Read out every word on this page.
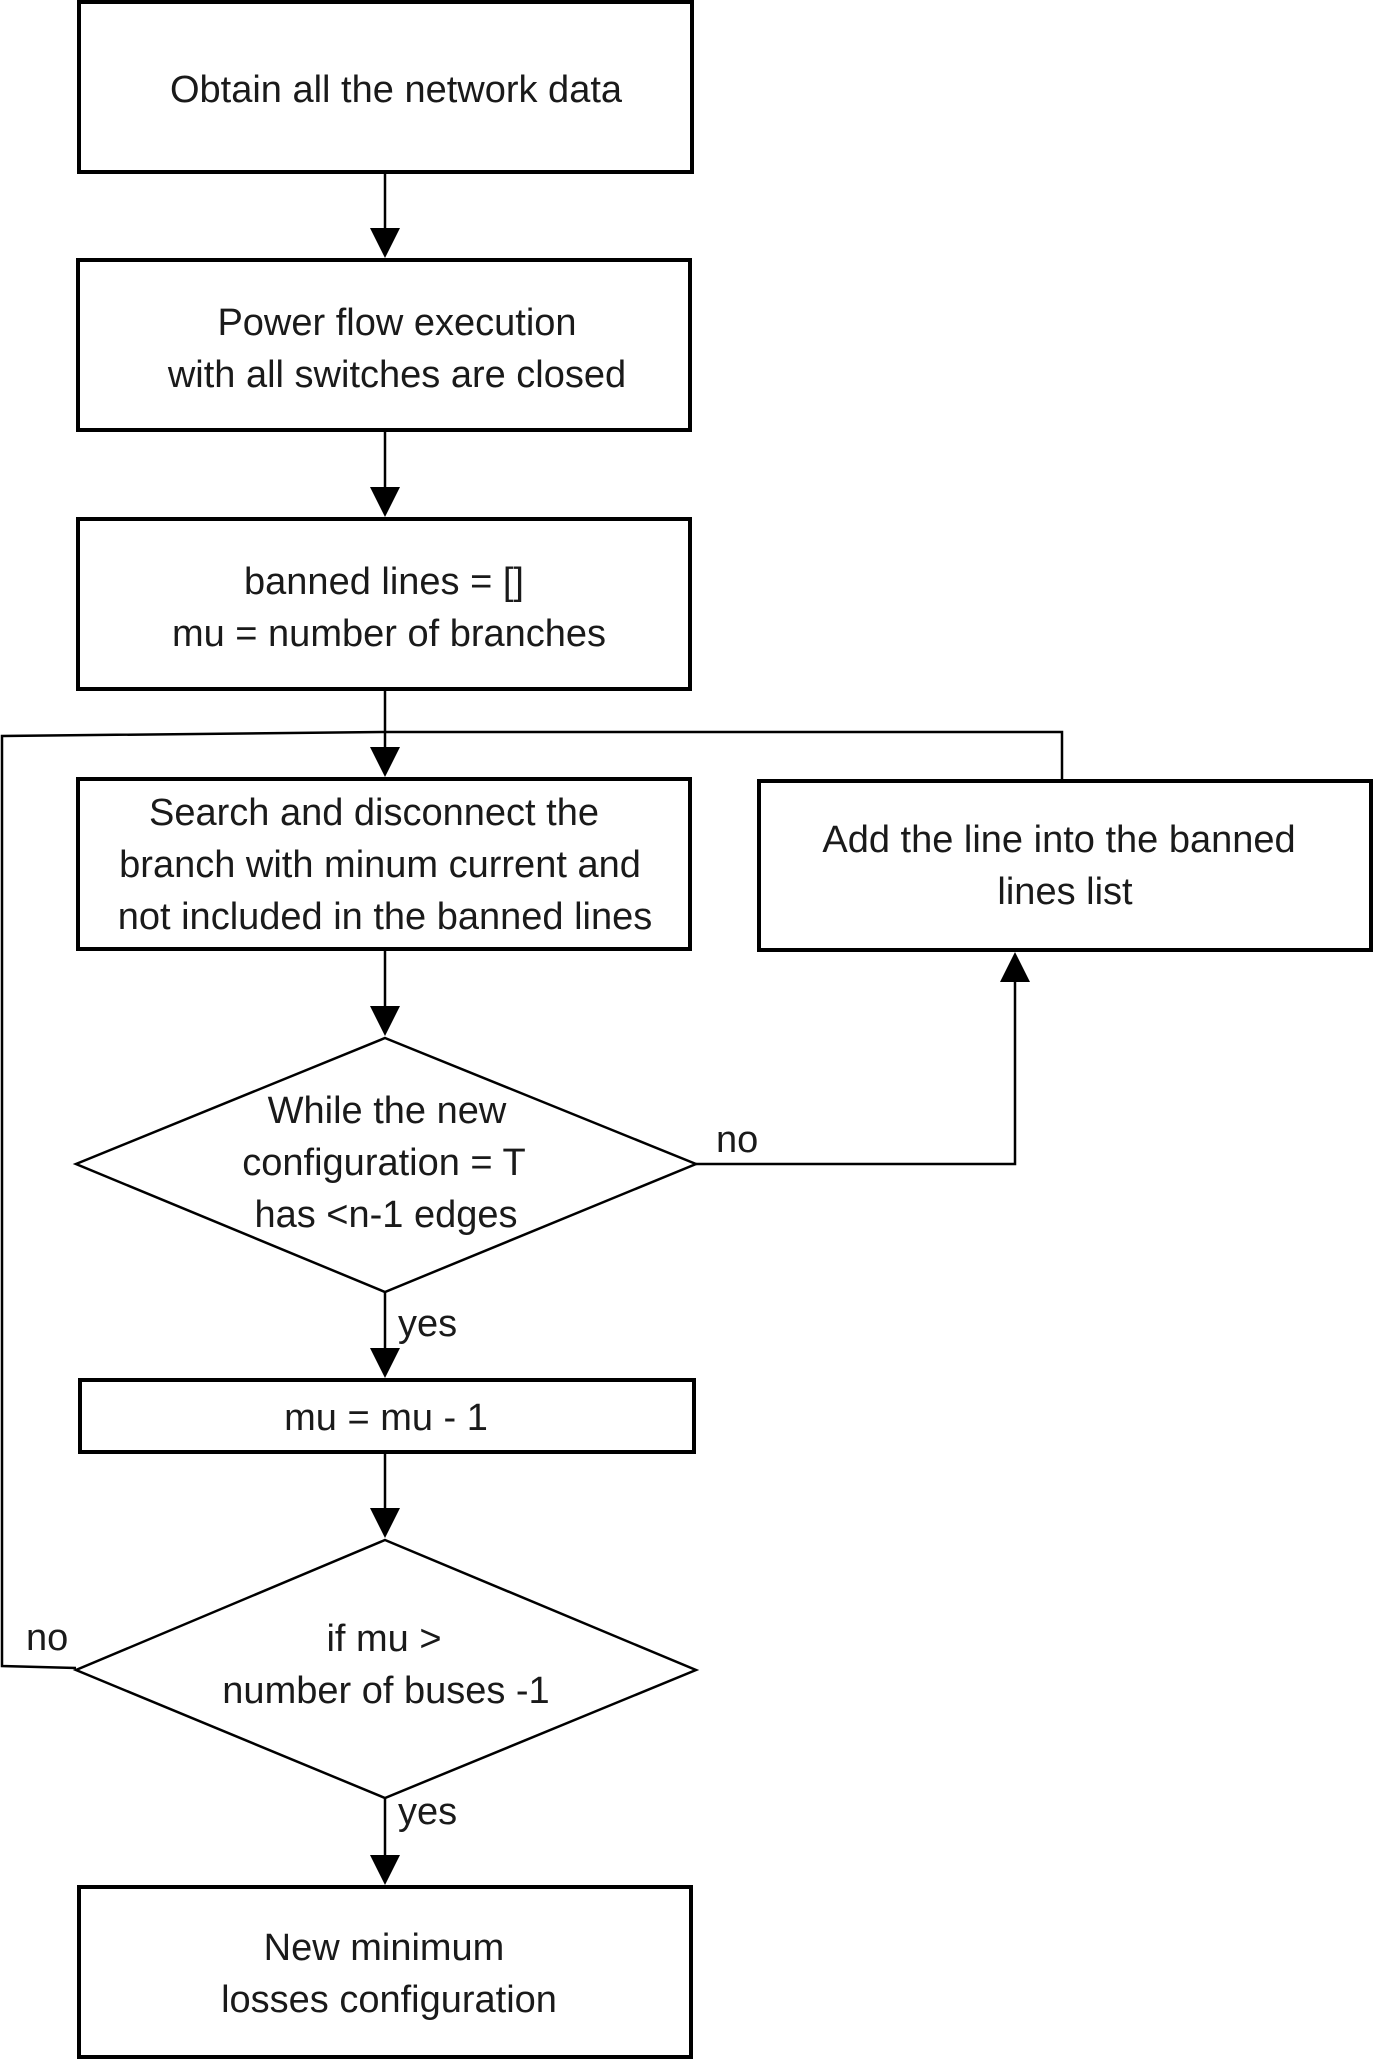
Obtain all the network data
Power flow execution
with all switches are closed
banned lines = []
mu = number of branches
Search and disconnect the
branch with minum current and
not included in the banned lines
Add the line into the banned
lines list
While the new
configuration = T
has <n-1 edges
no
yes
mu = mu - 1
if mu >
number of buses -1
no
yes
New minimum
losses configuration
